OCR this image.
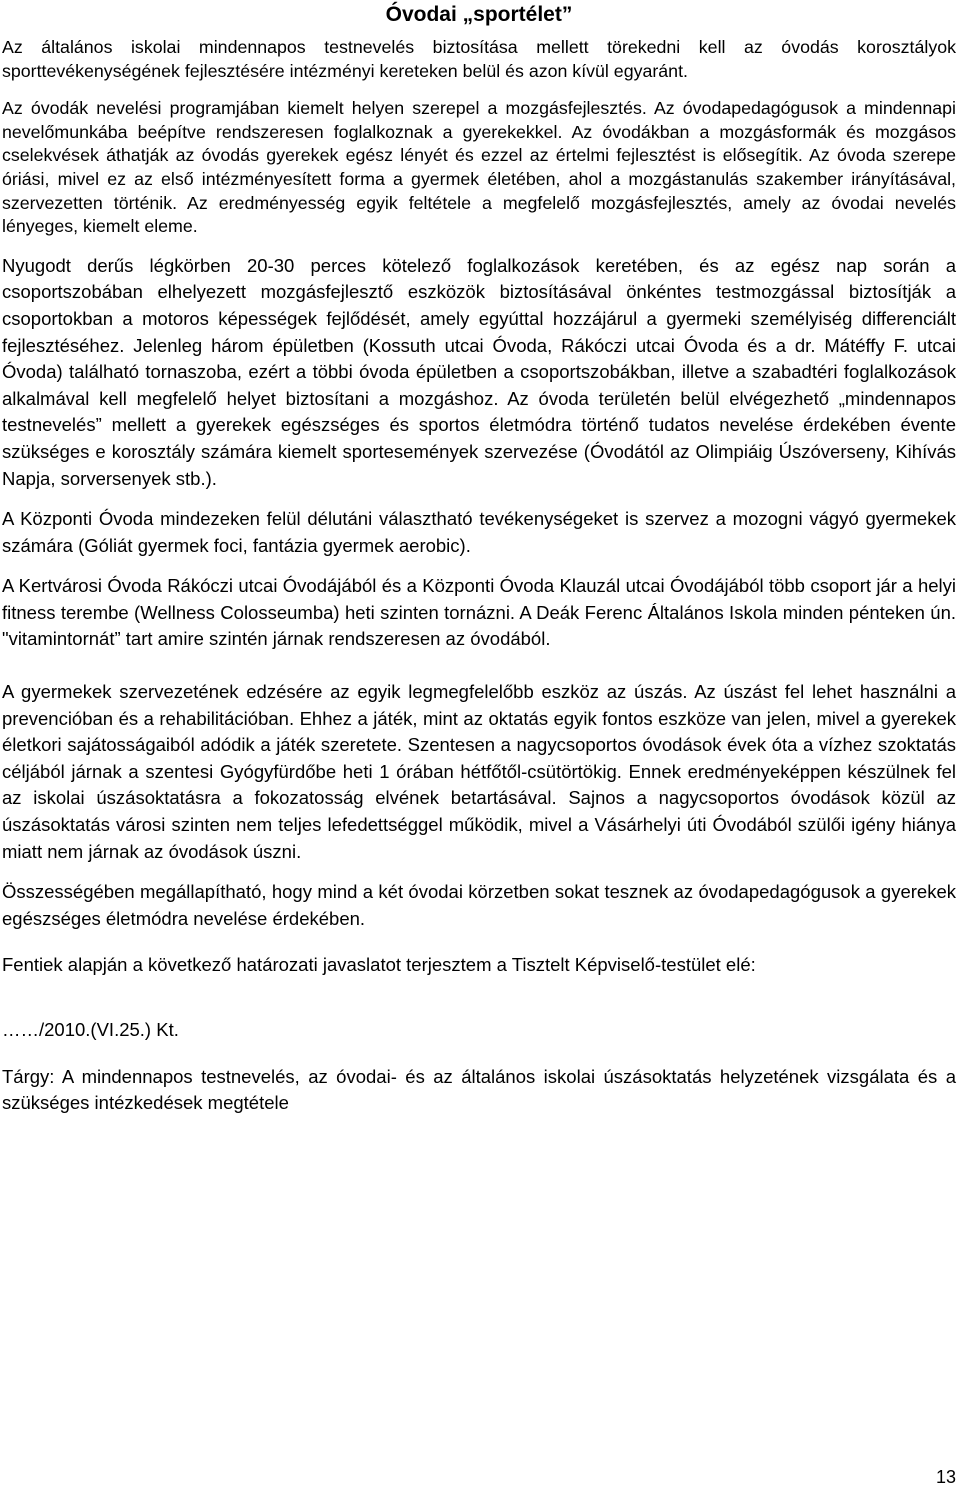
Óvodai „sportélet”

Az általános iskolai mindennapos testnevelés biztosítása mellett törekedni kell az óvodás korosztályok sporttevékenységének fejlesztésére intézményi kereteken belül és azon kívül egyaránt.

Az óvodák nevelési programjában kiemelt helyen szerepel a mozgásfejlesztés. Az óvodapedagógusok a mindennapi nevelőmunkába beépítve rendszeresen foglalkoznak a gyerekekkel. Az óvodákban a mozgásformák és mozgásos cselekvések áthatják az óvodás gyerekek egész lényét és ezzel az értelmi fejlesztést is elősegítik. Az óvoda szerepe óriási, mivel ez az első intézményesített forma a gyermek életében, ahol a mozgástanulás szakember irányításával, szervezetten történik. Az eredményesség egyik feltétele a megfelelő mozgásfejlesztés, amely az óvodai nevelés lényeges, kiemelt eleme.

Nyugodt derűs légkörben 20-30 perces kötelező foglalkozások keretében, és az egész nap során a csoportszobában elhelyezett mozgásfejlesztő eszközök biztosításával önkéntes testmozgással biztosítják a csoportokban a motoros képességek fejlődését, amely egyúttal hozzájárul a gyermeki személyiség differenciált fejlesztéséhez. Jelenleg három épületben (Kossuth utcai Óvoda, Rákóczi utcai Óvoda és a dr. Mátéffy F. utcai Óvoda) található tornaszoba, ezért a többi óvoda épületben a csoportszobákban, illetve a szabadtéri foglalkozások alkalmával kell megfelelő helyet biztosítani a mozgáshoz. Az óvoda területén belül elvégezhető „mindennapos testnevelés” mellett a gyerekek egészséges és sportos életmódra történő tudatos nevelése érdekében évente szükséges e korosztály számára kiemelt sportesemények szervezése (Óvodától az Olimpiáig Úszóverseny, Kihívás Napja, sorversenyek stb.).

A Központi Óvoda mindezeken felül délutáni választható tevékenységeket is szervez a mozogni vágyó gyermekek számára (Góliát gyermek foci, fantázia gyermek aerobic).

A Kertvárosi Óvoda Rákóczi utcai Óvodájából és a Központi Óvoda Klauzál utcai Óvodájából több csoport jár a helyi fitness terembe (Wellness Colosseumba) heti szinten tornázni. A Deák Ferenc Általános Iskola minden pénteken ún. "vitamintornát” tart amire szintén járnak rendszeresen az óvodából.

A gyermekek szervezetének edzésére az egyik legmegfelelőbb eszköz az úszás. Az úszást fel lehet használni a prevencióban és a rehabilitációban. Ehhez a játék, mint az oktatás egyik fontos eszköze van jelen, mivel a gyerekek életkori sajátosságaiból adódik a játék szeretete. Szentesen a nagycsoportos óvodások évek óta a vízhez szoktatás céljából járnak a szentesi Gyógyfürdőbe heti 1 órában hétfőtől-csütörtökig. Ennek eredményeképpen készülnek fel az iskolai úszásoktatásra a fokozatosság elvének betartásával. Sajnos a nagycsoportos óvodások közül az úszásoktatás városi szinten nem teljes lefedettséggel működik, mivel a Vásárhelyi úti Óvodából szülői igény hiánya miatt nem járnak az óvodások úszni.

Összességében megállapítható, hogy mind a két óvodai körzetben sokat tesznek az óvodapedagógusok a gyerekek egészséges életmódra nevelése érdekében.

Fentiek alapján a következő határozati javaslatot terjesztem a Tisztelt Képviselő-testület elé:

……/2010.(VI.25.) Kt.

Tárgy: A mindennapos testnevelés, az óvodai- és az általános iskolai úszásoktatás helyzetének vizsgálata és a szükséges intézkedések megtétele

13
